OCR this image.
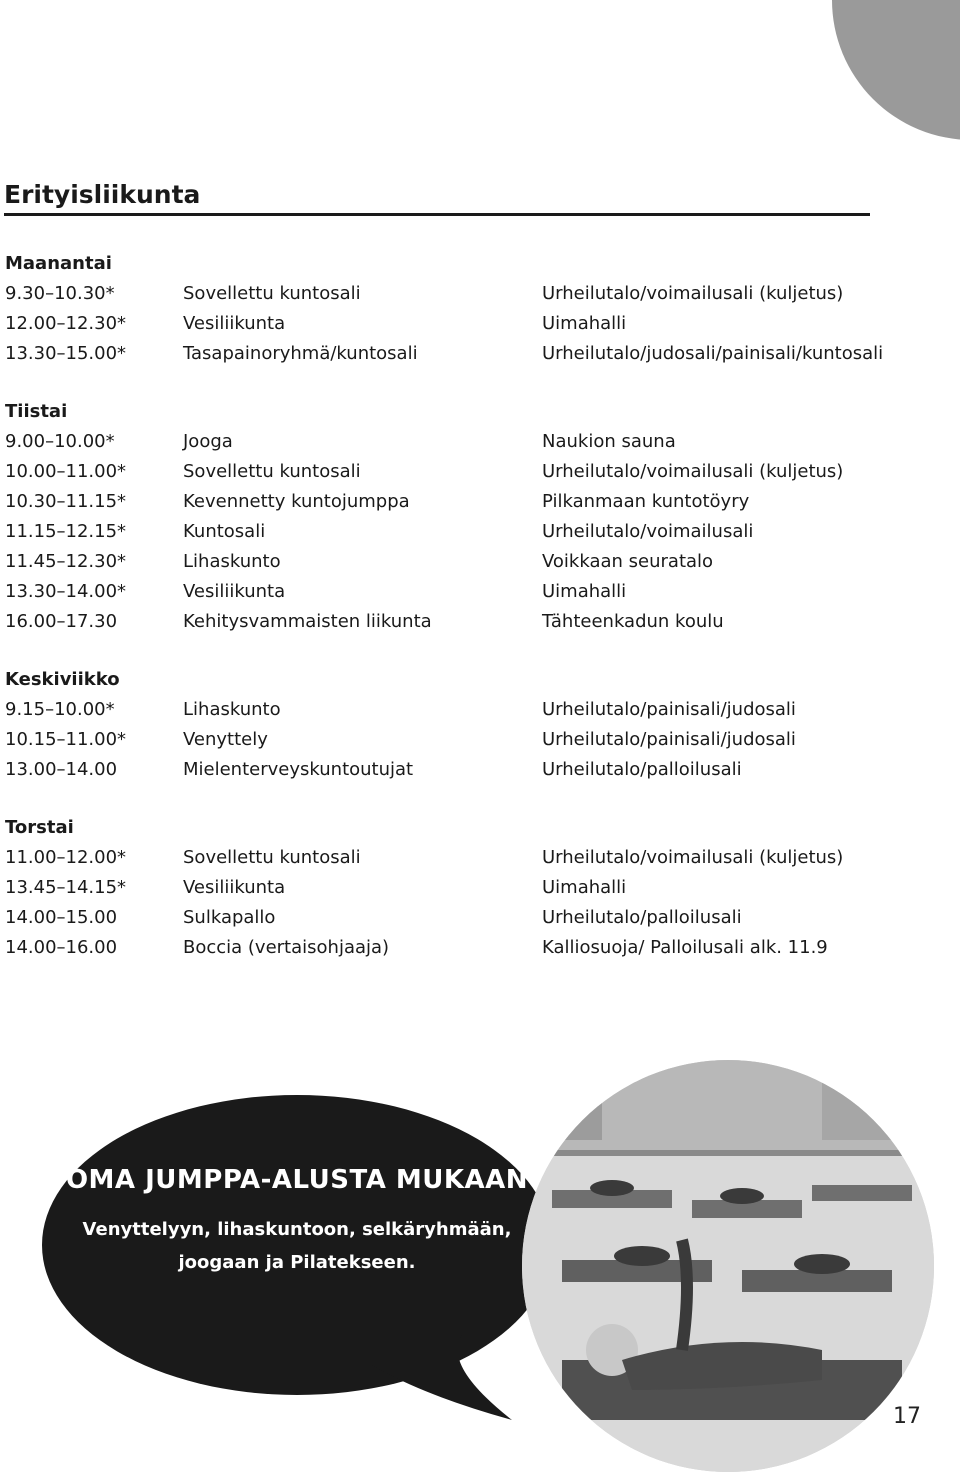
Erityisliikunta
Maanantai
9.30–10.30*	Sovellettu kuntosali	Urheilutalo/voimailusali (kuljetus)
12.00–12.30*	Vesiliikunta	Uimahalli
13.30–15.00*	Tasapainoryhmä/kuntosali	Urheilutalo/judosali/painisali/kuntosali
Tiistai
9.00–10.00*	Jooga	Naukion sauna
10.00–11.00*	Sovellettu kuntosali	Urheilutalo/voimailusali (kuljetus)
10.30–11.15*	Kevennetty kuntojumppa	Pilkanmaan kuntotöyry
11.15–12.15*	Kuntosali	Urheilutalo/voimailusali
11.45–12.30*	Lihaskunto	Voikkaan seuratalo
13.30–14.00*	Vesiliikunta	Uimahalli
16.00–17.30	Kehitysvammaisten liikunta	Tähteenkadun koulu
Keskiviikko
9.15–10.00*	Lihaskunto	Urheilutalo/painisali/judosali
10.15–11.00*	Venyttely	Urheilutalo/painisali/judosali
13.00–14.00	Mielenterveyskuntoutujat	Urheilutalo/palloilusali
Torstai
11.00–12.00*	Sovellettu kuntosali	Urheilutalo/voimailusali (kuljetus)
13.45–14.15*	Vesiliikunta	Uimahalli
14.00–15.00	Sulkapallo	Urheilutalo/palloilusali
14.00–16.00	Boccia (vertaisohjaaja)	Kalliosuoja/ Palloilusali alk. 11.9
OMA JUMPPA-ALUSTA MUKAAN
Venyttelyyn, lihaskuntoon, selkäryhmään, joogaan ja Pilatekseen.
17
